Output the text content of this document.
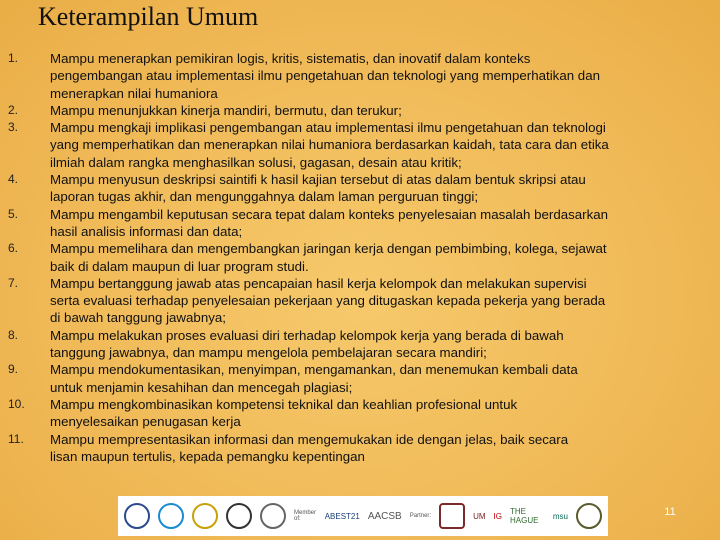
Keterampilan Umum
1.	Mampu menerapkan pemikiran logis, kritis, sistematis, dan inovatif dalam konteks
pengembangan atau implementasi ilmu pengetahuan dan teknologi yang memperhatikan dan
menerapkan nilai humaniora
2.	Mampu menunjukkan kinerja mandiri, bermutu, dan terukur;
3.	Mampu mengkaji implikasi pengembangan atau implementasi ilmu pengetahuan dan teknologi
yang memperhatikan dan menerapkan nilai humaniora berdasarkan kaidah, tata cara dan etika
ilmiah dalam rangka menghasilkan solusi, gagasan, desain atau kritik;
4.	Mampu menyusun deskripsi saintifi k hasil kajian tersebut di atas dalam bentuk skripsi atau
laporan tugas akhir, dan mengunggahnya dalam laman perguruan tinggi;
5.	Mampu mengambil keputusan secara tepat dalam konteks penyelesaian masalah berdasarkan
hasil analisis informasi dan data;
6.	Mampu memelihara dan mengembangkan jaringan kerja dengan pembimbing, kolega, sejawat
baik di dalam maupun di luar program studi.
7.	Mampu bertanggung jawab atas pencapaian hasil kerja kelompok dan melakukan supervisi
serta evaluasi terhadap penyelesaian pekerjaan yang ditugaskan kepada pekerja yang berada
di bawah tanggung jawabnya;
8.	Mampu melakukan proses evaluasi diri terhadap kelompok kerja yang berada di bawah
tanggung jawabnya, dan mampu mengelola pembelajaran secara mandiri;
9.	Mampu mendokumentasikan, menyimpan, mengamankan, dan menemukan kembali data
untuk menjamin kesahihan dan mencegah plagiasi;
10.	Mampu mengkombinasikan kompetensi teknikal dan keahlian profesional untuk
menyelesaikan penugasan kerja
11.	Mampu mempresentasikan informasi dan mengemukakan ide dengan jelas, baik secara
lisan maupun tertulis, kepada pemangku kepentingan
Member of:	ABEST21 AACSB Partner:	UM IG THE HAGUE	msu	11
